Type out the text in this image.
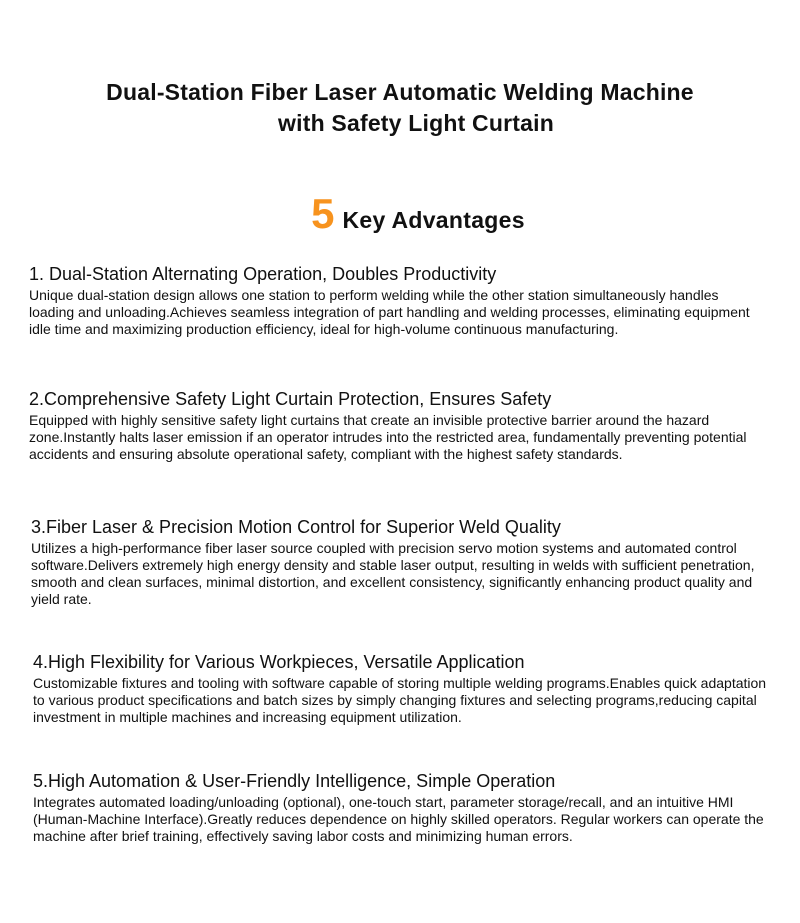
Dual-Station Fiber Laser Automatic Welding Machine
with Safety Light Curtain
5 Key Advantages
1. Dual-Station Alternating Operation, Doubles Productivity
Unique dual-station design allows one station to perform welding while the other station simultaneously handles loading and unloading.Achieves seamless integration of part handling and welding processes, eliminating equipment idle time and maximizing production efficiency, ideal for high-volume continuous manufacturing.
2.Comprehensive Safety Light Curtain Protection, Ensures Safety
Equipped with highly sensitive safety light curtains that create an invisible protective barrier around the hazard zone.Instantly halts laser emission if an operator intrudes into the restricted area, fundamentally preventing potential accidents and ensuring absolute operational safety, compliant with the highest safety standards.
3.Fiber Laser & Precision Motion Control for Superior Weld Quality
Utilizes a high-performance fiber laser source coupled with precision servo motion systems and automated control software.Delivers extremely high energy density and stable laser output, resulting in welds with sufficient penetration, smooth and clean surfaces, minimal distortion, and excellent consistency, significantly enhancing product quality and yield rate.
4.High Flexibility for Various Workpieces, Versatile Application
Customizable fixtures and tooling with software capable of storing multiple welding programs.Enables quick adaptation to various product specifications and batch sizes by simply changing fixtures and selecting programs,reducing capital investment in multiple machines and increasing equipment utilization.
5.High Automation & User-Friendly Intelligence, Simple Operation
Integrates automated loading/unloading (optional), one-touch start, parameter storage/recall, and an intuitive HMI (Human-Machine Interface).Greatly reduces dependence on highly skilled operators. Regular workers can operate the machine after brief training, effectively saving labor costs and minimizing human errors.
